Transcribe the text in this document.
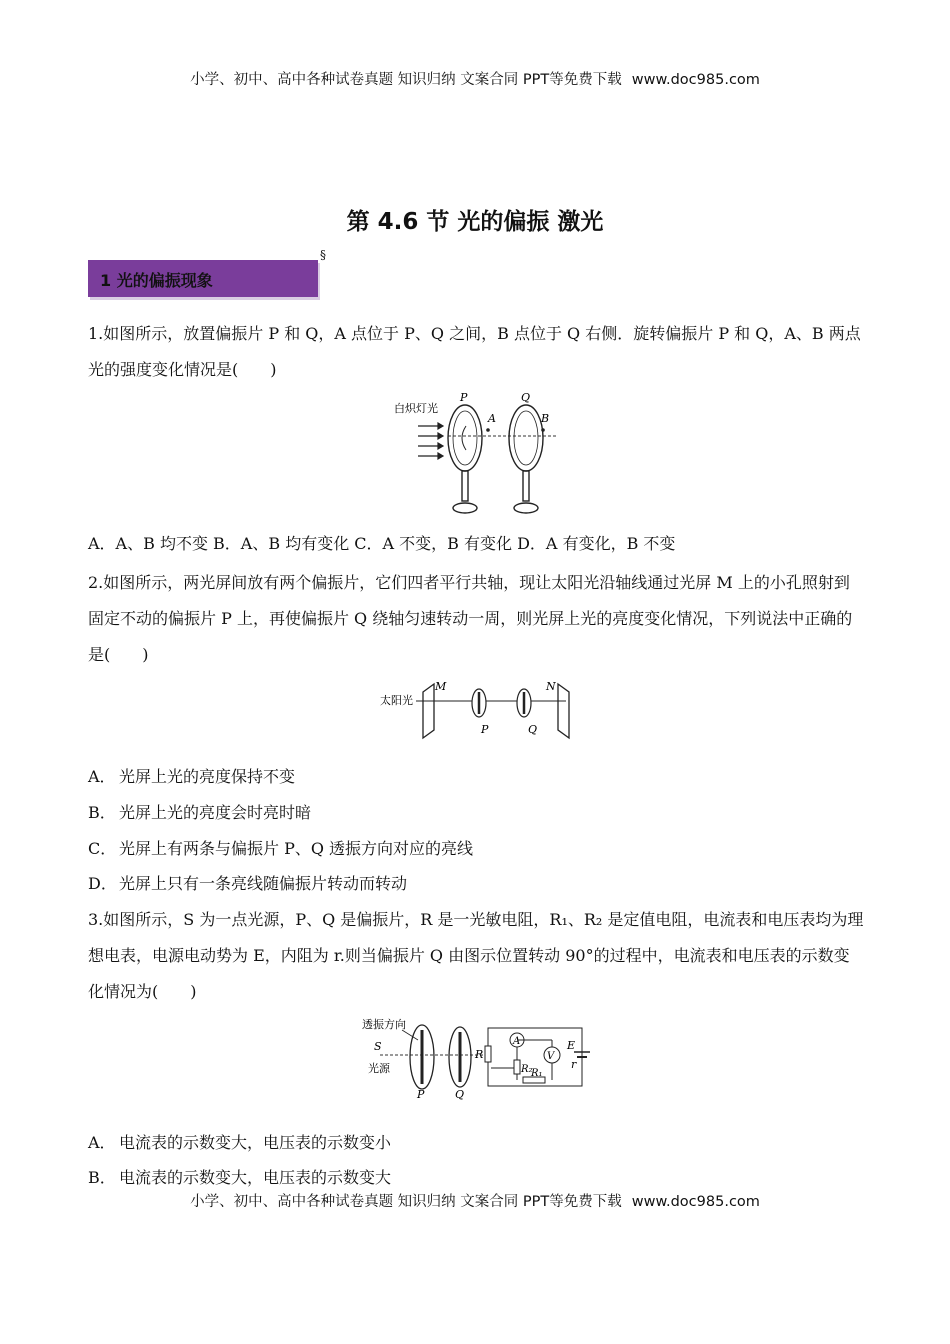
小学、初中、高中各种试卷真题 知识归纳 文案合同 PPT等免费下载 www.doc985.com
第 4.6 节 光的偏振 激光
1 光的偏振现象
§
1.如图所示，放置偏振片 P 和 Q，A 点位于 P、Q 之间，B 点位于 Q 右侧．旋转偏振片 P 和 Q，A、B 两点光的强度变化情况是(　　)
白炽灯光
P	Q
A	B
A．A、B 均不变 B．A、B 均有变化 C．A 不变，B 有变化 D．A 有变化，B 不变
2.如图所示，两光屏间放有两个偏振片，它们四者平行共轴，现让太阳光沿轴线通过光屏 M 上的小孔照射到固定不动的偏振片 P 上，再使偏振片 Q 绕轴匀速转动一周，则光屏上光的亮度变化情况，下列说法中正确的是(　　)
太阳光
M	N
P	Q
A． 光屏上光的亮度保持不变
B． 光屏上光的亮度会时亮时暗
C． 光屏上有两条与偏振片 P、Q 透振方向对应的亮线
D． 光屏上只有一条亮线随偏振片转动而转动
3.如图所示，S 为一点光源，P、Q 是偏振片，R 是一光敏电阻，R₁、R₂ 是定值电阻，电流表和电压表均为理想电表，电源电动势为 E，内阻为 r.则当偏振片 Q 由图示位置转动 90°的过程中，电流表和电压表的示数变化情况为(　　)
透振方向
S
光源
P	Q
A
V
R
R₂
R₁
E
r
A． 电流表的示数变大，电压表的示数变小
B． 电流表的示数变大，电压表的示数变大
小学、初中、高中各种试卷真题 知识归纳 文案合同 PPT等免费下载 www.doc985.com
